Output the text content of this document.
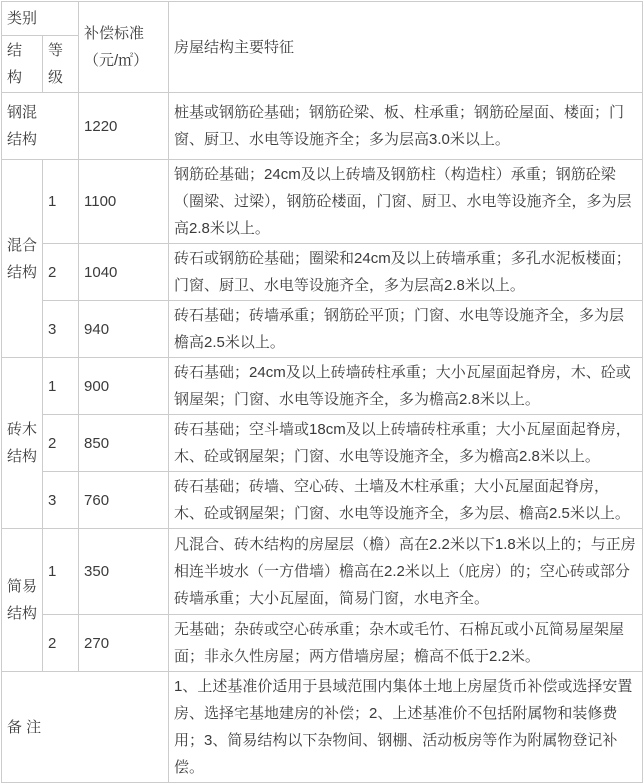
类别		补偿标准（元/㎡）	房屋结构主要特征
结构	等级		
钢混结构		1220	桩基或钢筋砼基础；钢筋砼梁、板、柱承重；钢筋砼屋面、楼面；门窗、厨卫、水电等设施齐全；多为层高3.0米以上。
混合结构	1	1100	钢筋砼基础；24cm及以上砖墙及钢筋柱（构造柱）承重；钢筋砼梁（圈梁、过梁），钢筋砼楼面，门窗、厨卫、水电等设施齐全，多为层高2.8米以上。
	2	1040	砖石或钢筋砼基础；圈梁和24cm及以上砖墙承重；多孔水泥板楼面；门窗、厨卫、水电等设施齐全，多为层高2.8米以上。
	3	940	砖石基础；砖墙承重；钢筋砼平顶；门窗、水电等设施齐全，多为层檐高2.5米以上。
砖木结构	1	900	砖石基础；24cm及以上砖墙砖柱承重；大小瓦屋面起脊房，木、砼或钢屋架；门窗、水电等设施齐全，多为檐高2.8米以上。
	2	850	砖石基础；空斗墙或18cm及以上砖墙砖柱承重；大小瓦屋面起脊房，木、砼或钢屋架；门窗、水电等设施齐全，多为檐高2.8米以上。
	3	760	砖石基础；砖墙、空心砖、土墙及木柱承重；大小瓦屋面起脊房，木、砼或钢屋架；门窗、水电等设施齐全，多为层、檐高2.5米以上。
简易结构	1	350	凡混合、砖木结构的房屋层（檐）高在2.2米以下1.8米以上的；与正房相连半坡水（一方借墙）檐高在2.2米以上（庇房）的；空心砖或部分砖墙承重；大小瓦屋面，简易门窗，水电齐全。
	2	270	无基础；杂砖或空心砖承重；杂木或毛竹、石棉瓦或小瓦简易屋架屋面；非永久性房屋；两方借墙房屋；檐高不低于2.2米。
备 注			1、上述基准价适用于县域范围内集体土地上房屋货币补偿或选择安置房、选择宅基地建房的补偿；2、上述基准价不包括附属物和装修费用；3、简易结构以下杂物间、钢棚、活动板房等作为附属物登记补偿。
